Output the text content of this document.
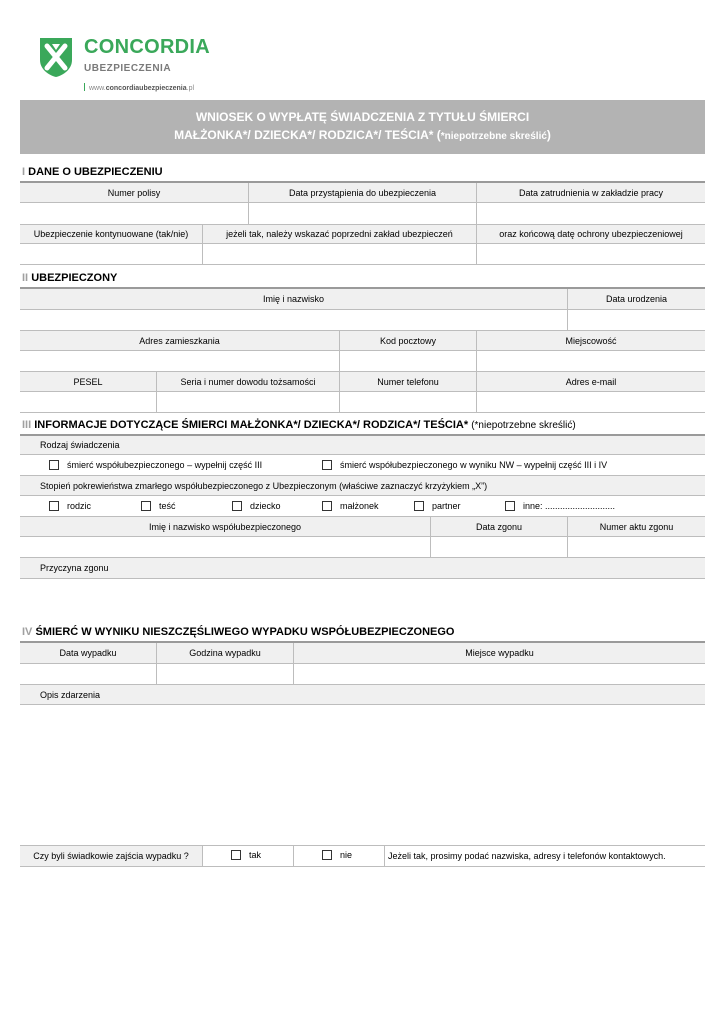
CONCORDIA
UBEZPIECZENIA
www.concordiaubezpieczenia.pl
WNIOSEK O WYPŁATĘ ŚWIADCZENIA Z TYTUŁU ŚMIERCI
MAŁŻONKA*/ DZIECKA*/ RODZICA*/ TEŚCIA* (*niepotrzebne skreślić)
I DANE O UBEZPIECZENIU
Numer polisy	Data przystąpienia do ubezpieczenia	Data zatrudnienia w zakładzie pracy
Ubezpieczenie kontynuowane (tak/nie)	jeżeli tak, należy wskazać poprzedni zakład ubezpieczeń	oraz końcową datę ochrony ubezpieczeniowej
II UBEZPIECZONY
Imię i nazwisko	Data urodzenia
Adres zamieszkania	Kod pocztowy	Miejscowość
PESEL	Seria i numer dowodu tożsamości	Numer telefonu	Adres e-mail
III INFORMACJE DOTYCZĄCE ŚMIERCI MAŁŻONKA*/ DZIECKA*/ RODZICA*/ TEŚCIA* (*niepotrzebne skreślić)
Rodzaj świadczenia
śmierć współubezpieczonego – wypełnij część III	śmierć współubezpieczonego w wyniku NW – wypełnij część III i IV
Stopień pokrewieństwa zmarłego współubezpieczonego z Ubezpieczonym (właściwe zaznaczyć krzyżykiem „X”)
rodzic	teść	dziecko	małżonek	partner	inne: ............................
Imię i nazwisko współubezpieczonego	Data zgonu	Numer aktu zgonu
Przyczyna zgonu
IV ŚMIERĆ W WYNIKU NIESZCZĘŚLIWEGO WYPADKU WSPÓŁUBEZPIECZONEGO
Data wypadku	Godzina wypadku	Miejsce wypadku
Opis zdarzenia
Czy byli świadkowie zajścia wypadku ?	tak	nie	Jeżeli tak, prosimy podać nazwiska, adresy i telefonów kontaktowych.
